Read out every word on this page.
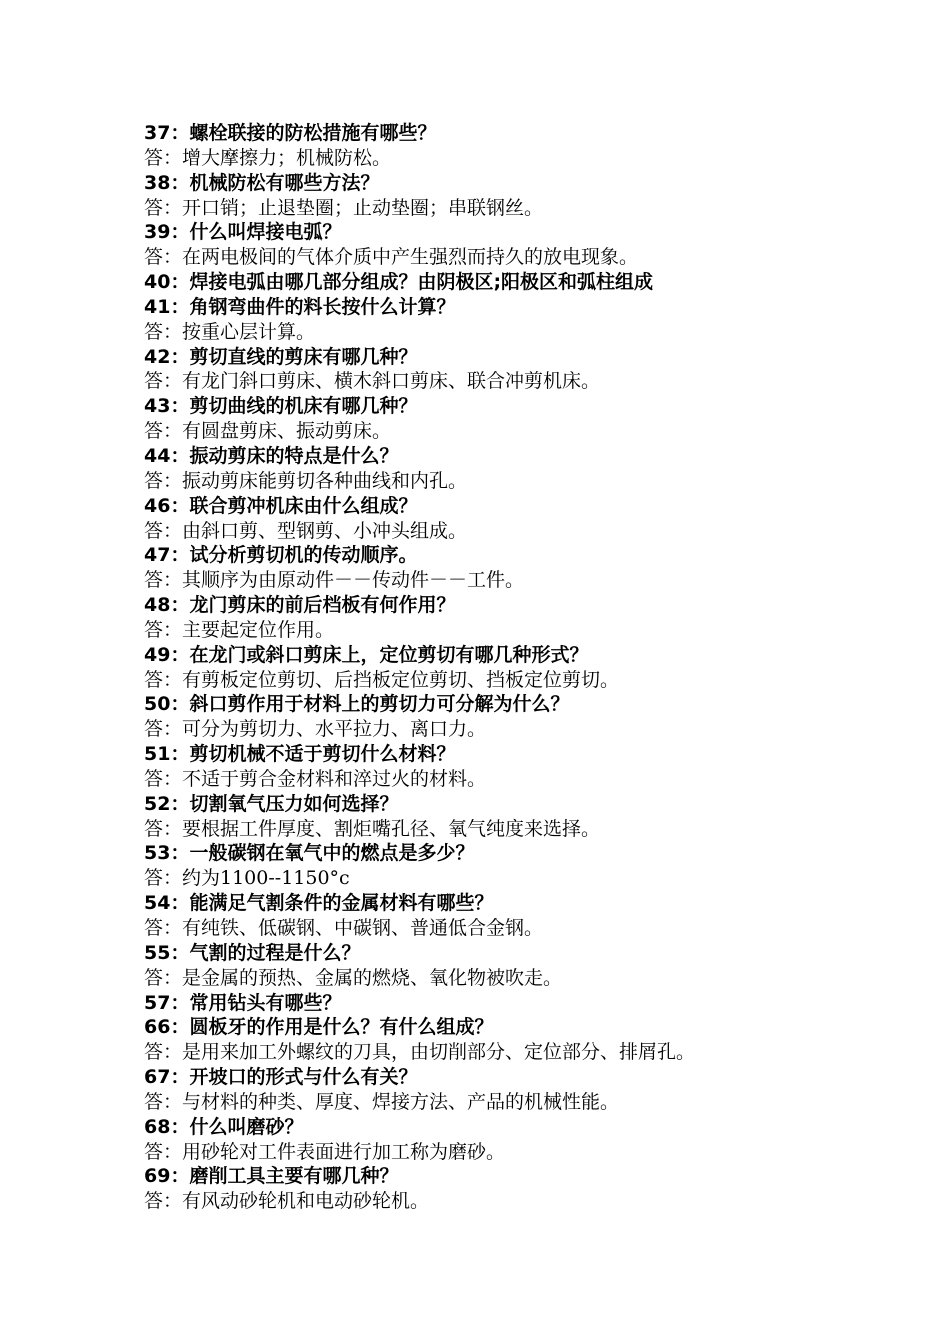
37：螺栓联接的防松措施有哪些？
答：增大摩擦力；机械防松。
38：机械防松有哪些方法？
答：开口销；止退垫圈；止动垫圈；串联钢丝。
39：什么叫焊接电弧？
答：在两电极间的气体介质中产生强烈而持久的放电现象。
40：焊接电弧由哪几部分组成？由阴极区;阳极区和弧柱组成
41：角钢弯曲件的料长按什么计算？
答：按重心层计算。
42：剪切直线的剪床有哪几种？
答：有龙门斜口剪床、横木斜口剪床、联合冲剪机床。
43：剪切曲线的机床有哪几种？
答：有圆盘剪床、振动剪床。
44：振动剪床的特点是什么？
答：振动剪床能剪切各种曲线和内孔。
46：联合剪冲机床由什么组成？
答：由斜口剪、型钢剪、小冲头组成。
47：试分析剪切机的传动顺序。
答：其顺序为由原动件－－传动件－－工件。
48：龙门剪床的前后档板有何作用？
答：主要起定位作用。
49：在龙门或斜口剪床上，定位剪切有哪几种形式？
答：有剪板定位剪切、后挡板定位剪切、挡板定位剪切。
50：斜口剪作用于材料上的剪切力可分解为什么？
答：可分为剪切力、水平拉力、离口力。
51：剪切机械不适于剪切什么材料？
答：不适于剪合金材料和淬过火的材料。
52：切割氧气压力如何选择？
答：要根据工件厚度、割炬嘴孔径、氧气纯度来选择。
53：一般碳钢在氧气中的燃点是多少？
答：约为1100--1150°c
54：能满足气割条件的金属材料有哪些？
答：有纯铁、低碳钢、中碳钢、普通低合金钢。
55：气割的过程是什么？
答：是金属的预热、金属的燃烧、氧化物被吹走。
57：常用钻头有哪些？
66：圆板牙的作用是什么？有什么组成？
答：是用来加工外螺纹的刀具，由切削部分、定位部分、排屑孔。
67：开坡口的形式与什么有关？
答：与材料的种类、厚度、焊接方法、产品的机械性能。
68：什么叫磨砂？
答：用砂轮对工件表面进行加工称为磨砂。
69：磨削工具主要有哪几种？
答：有风动砂轮机和电动砂轮机。
